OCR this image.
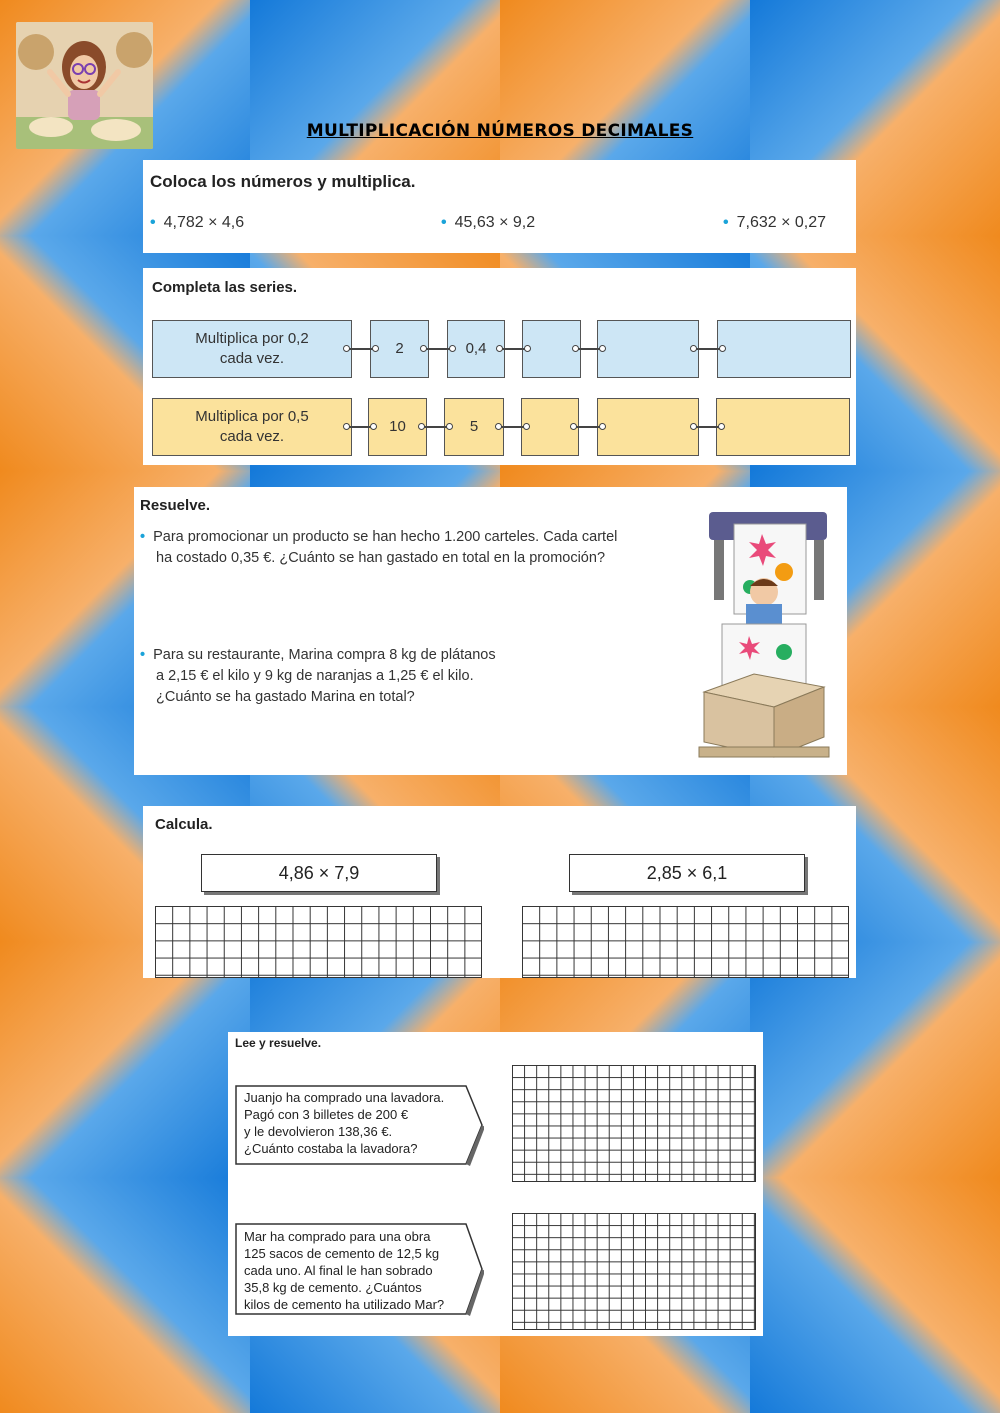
MULTIPLICACIÓN NÚMEROS DECIMALES
Coloca los números y multiplica.
• 4,782 × 4,6	• 45,63 × 9,2	• 7,632 × 0,27
Completa las series.
Multiplica por 0,2
cada vez.
2	0,4
Multiplica por 0,5
cada vez.
10	5
Resuelve.
• Para promocionar un producto se han hecho 1.200 carteles. Cada cartel
ha costado 0,35 €. ¿Cuánto se han gastado en total en la promoción?
• Para su restaurante, Marina compra 8 kg de plátanos
a 2,15 € el kilo y 9 kg de naranjas a 1,25 € el kilo.
¿Cuánto se ha gastado Marina en total?
Calcula.
4,86 × 7,9	2,85 × 6,1
Lee y resuelve.
Juanjo ha comprado una lavadora.
Pagó con 3 billetes de 200 €
y le devolvieron 138,36 €.
¿Cuánto costaba la lavadora?
Mar ha comprado para una obra
125 sacos de cemento de 12,5 kg
cada uno. Al final le han sobrado
35,8 kg de cemento. ¿Cuántos
kilos de cemento ha utilizado Mar?
